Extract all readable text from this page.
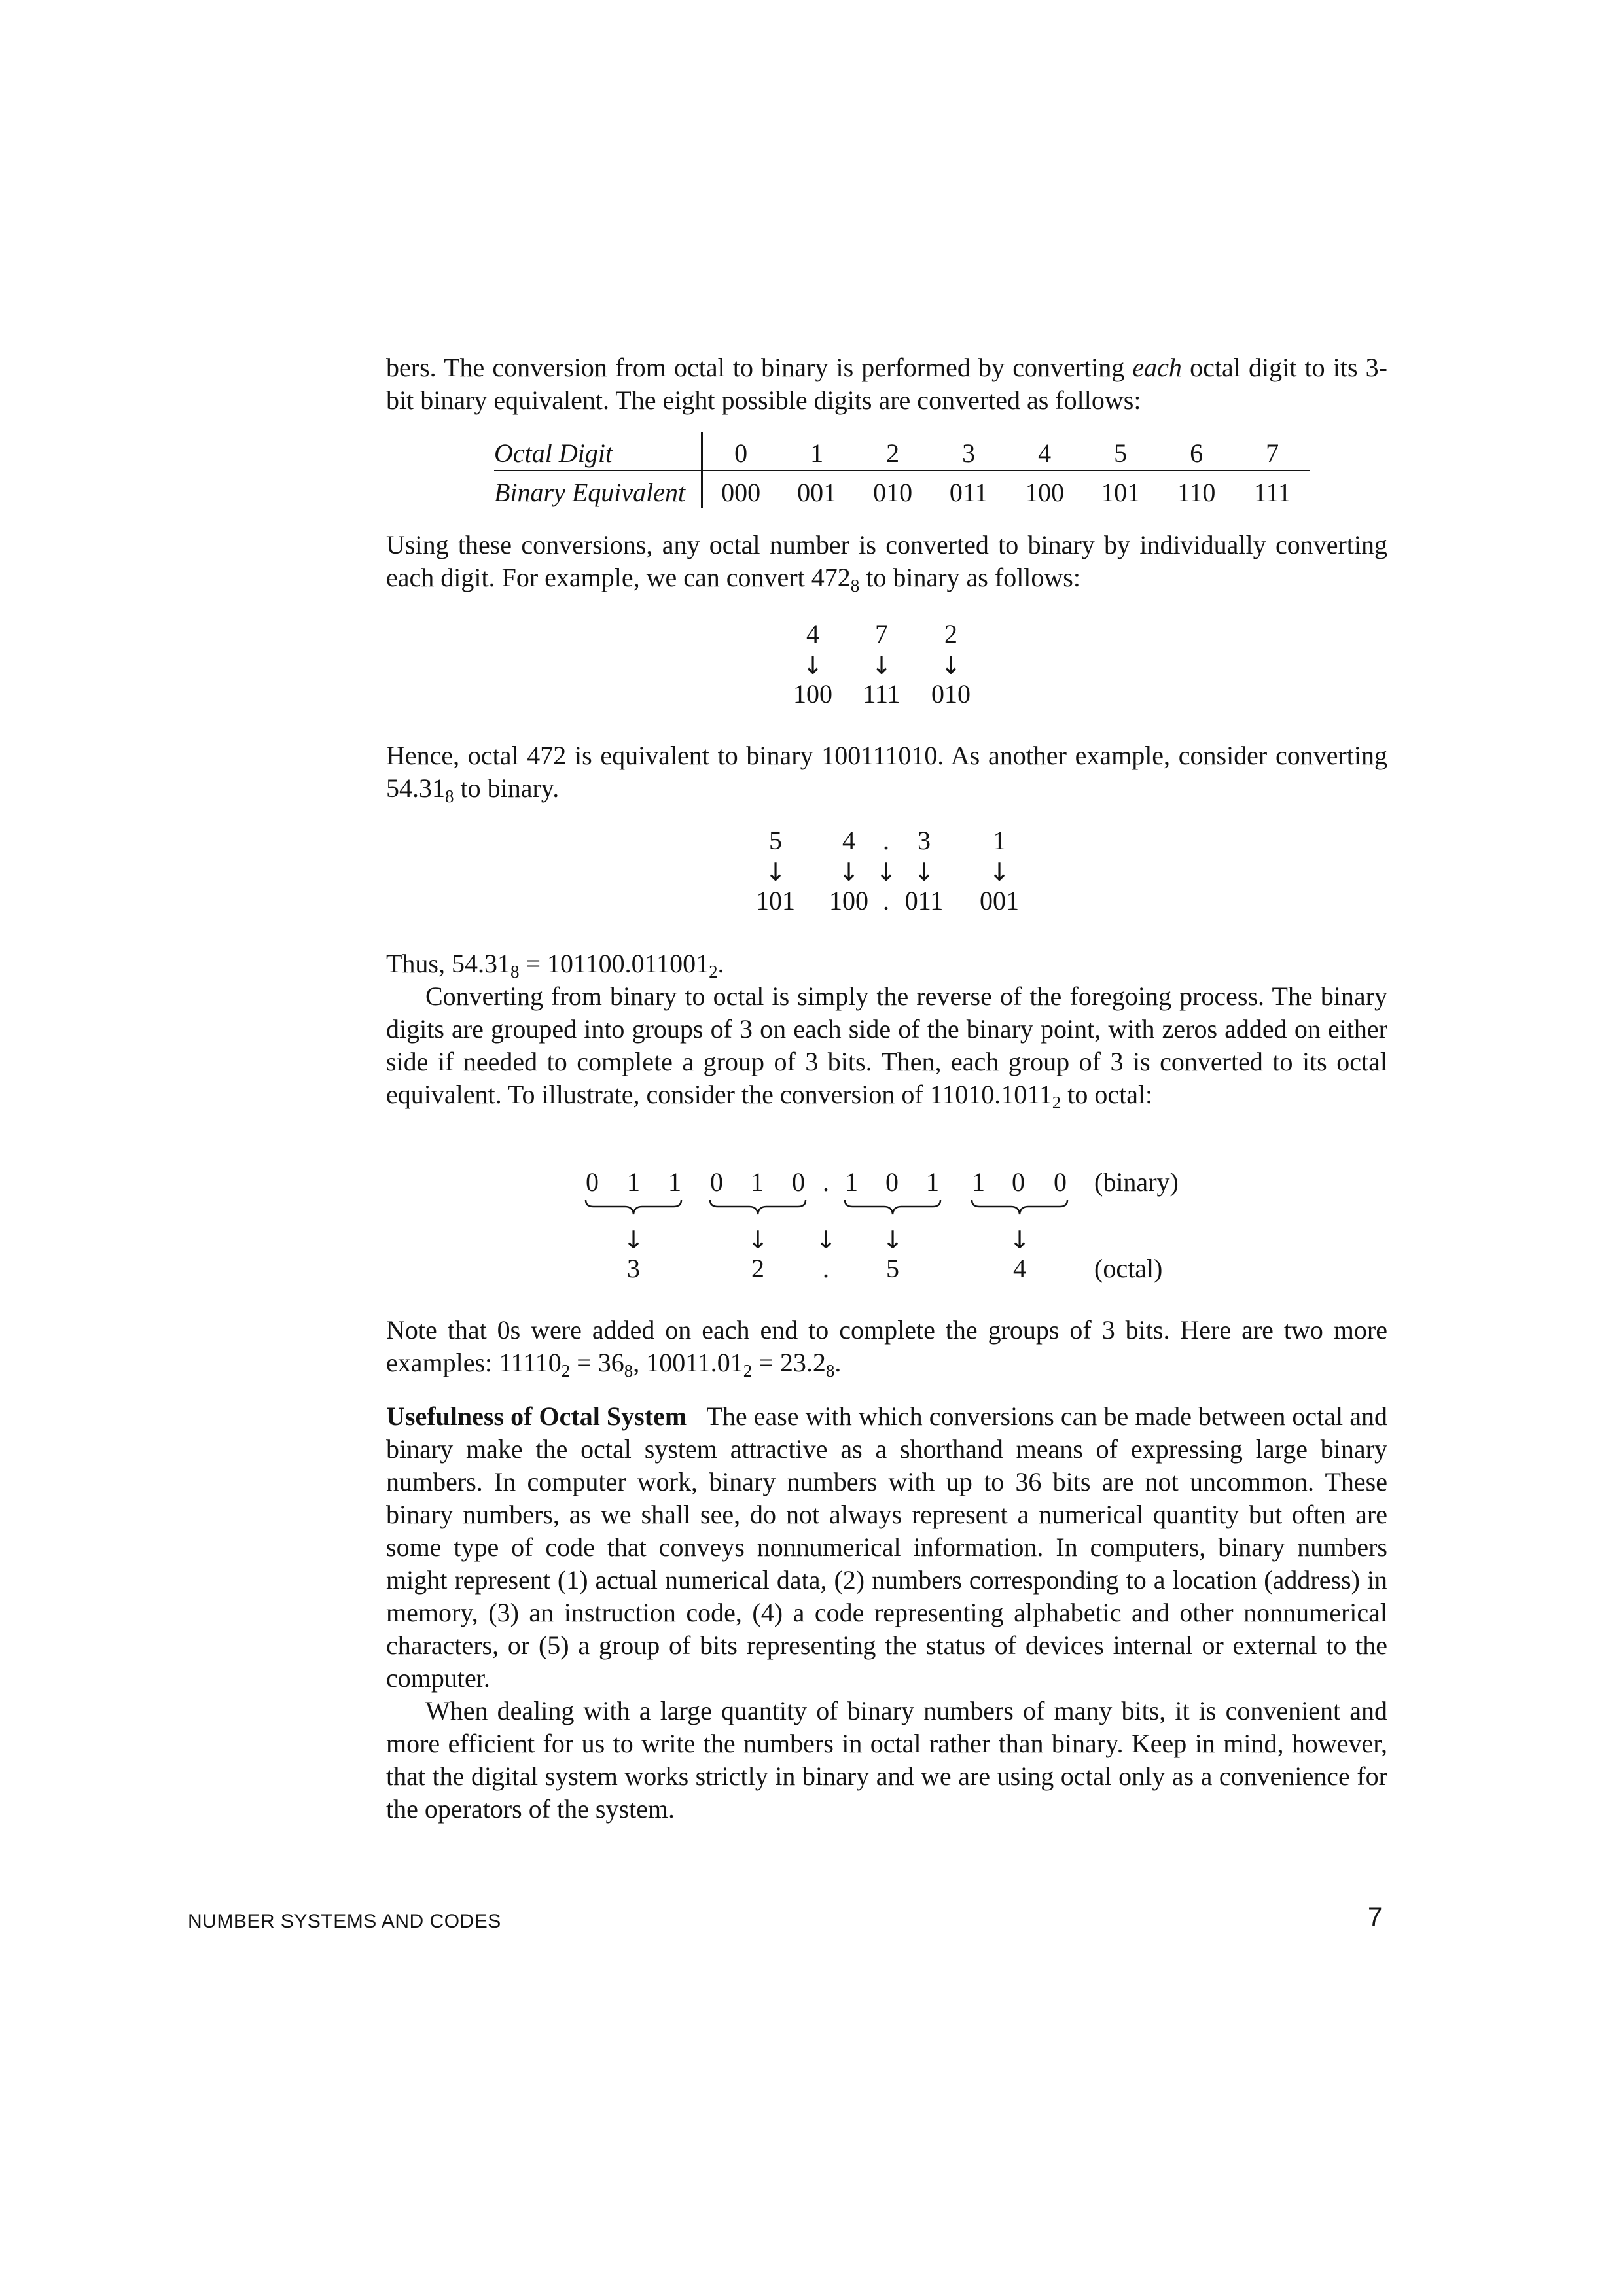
bers. The conversion from octal to binary is performed by converting each octal digit to its 3-bit binary equivalent. The eight possible digits are converted as follows:

Octal Digit	0	1	2	3	4	5	6	7
Binary Equivalent	000	001	010	011	100	101	110	111

Using these conversions, any octal number is converted to binary by individually converting each digit. For example, we can convert $472_8$ to binary as follows:

4 7 2
↓ ↓ ↓
100 111 010

Hence, octal 472 is equivalent to binary 100111010. As another example, consider converting $54.31_8$ to binary.

5 4 . 3 1
↓ ↓ ↓ ↓ ↓
101 100 . 011 001

Thus, $54.31_8 = 101100.011001_2$.

Converting from binary to octal is simply the reverse of the foregoing process. The binary digits are grouped into groups of 3 on each side of the binary point, with zeros added on either side if needed to complete a group of 3 bits. Then, each group of 3 is converted to its octal equivalent. To illustrate, consider the conversion of $11010.1011_2$ to octal:

0 1 1 0 1 0 . 1 0 1 1 0 0 (binary)
↓	↓ ↓ ↓	↓
3	2 . 5	4	(octal)

Note that 0s were added on each end to complete the groups of 3 bits. Here are two more examples: $11110_2 = 36_8$, $10011.01_2 = 23.2_8$.

Usefulness of Octal System The ease with which conversions can be made between octal and binary make the octal system attractive as a shorthand means of expressing large binary numbers. In computer work, binary numbers with up to 36 bits are not uncommon. These binary numbers, as we shall see, do not always represent a numerical quantity but often are some type of code that conveys nonnumerical information. In computers, binary numbers might represent (1) actual numerical data, (2) numbers corresponding to a location (address) in memory, (3) an instruction code, (4) a code representing alphabetic and other nonnumerical characters, or (5) a group of bits representing the status of devices internal or external to the computer.

When dealing with a large quantity of binary numbers of many bits, it is convenient and more efficient for us to write the numbers in octal rather than binary. Keep in mind, however, that the digital system works strictly in binary and we are using octal only as a convenience for the operators of the system.

NUMBER SYSTEMS AND CODES	7
